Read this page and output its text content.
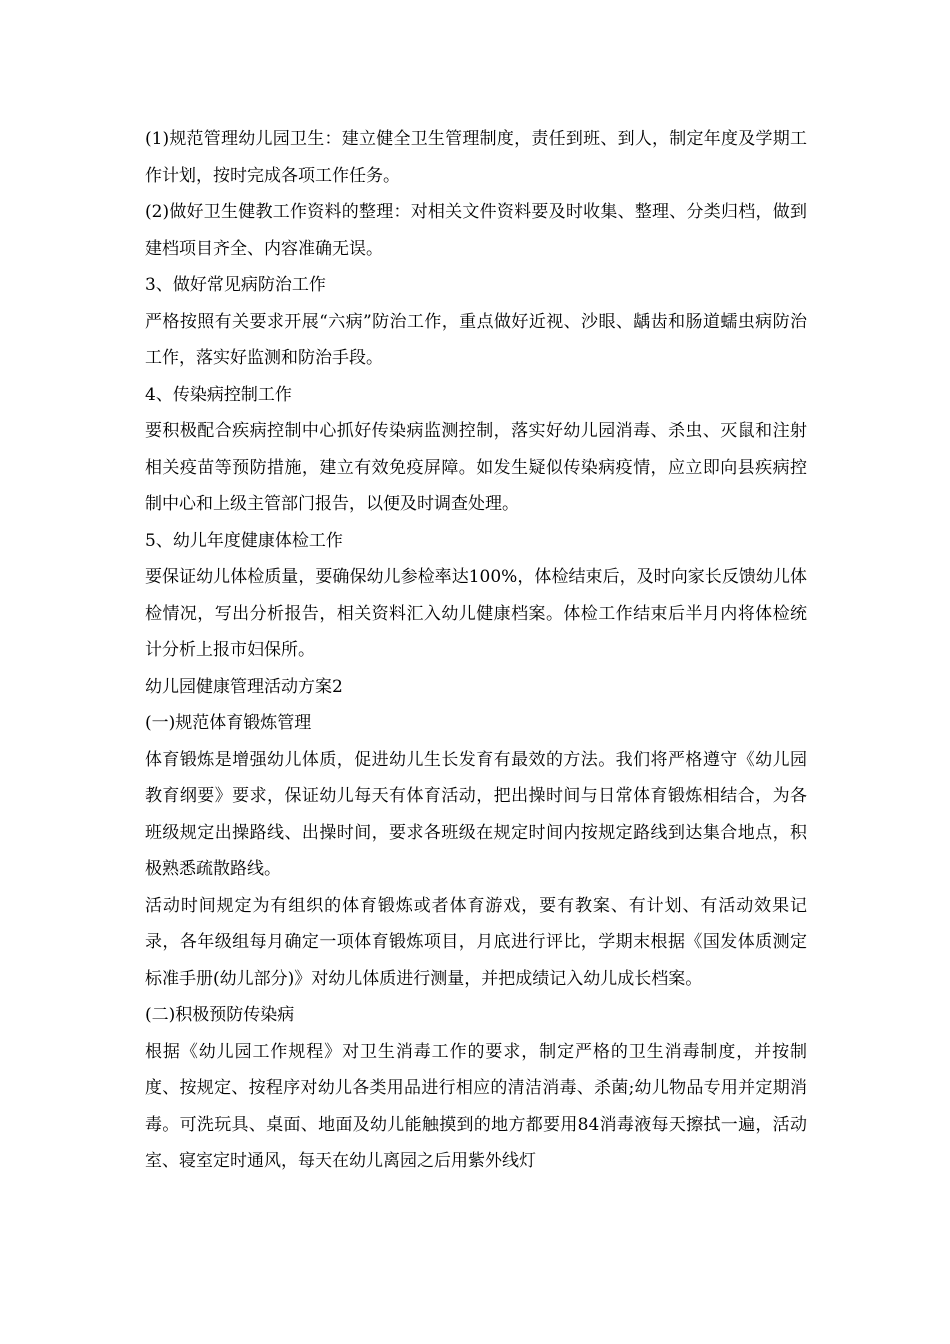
(1)规范管理幼儿园卫生：建立健全卫生管理制度，责任到班、到人，制定年度及学期工作计划，按时完成各项工作任务。

(2)做好卫生健教工作资料的整理：对相关文件资料要及时收集、整理、分类归档，做到建档项目齐全、内容准确无误。

3、做好常见病防治工作

严格按照有关要求开展“六病”防治工作，重点做好近视、沙眼、龋齿和肠道蠕虫病防治工作，落实好监测和防治手段。

4、传染病控制工作

要积极配合疾病控制中心抓好传染病监测控制，落实好幼儿园消毒、杀虫、灭鼠和注射相关疫苗等预防措施，建立有效免疫屏障。如发生疑似传染病疫情，应立即向县疾病控制中心和上级主管部门报告，以便及时调查处理。

5、幼儿年度健康体检工作

要保证幼儿体检质量，要确保幼儿参检率达100%，体检结束后，及时向家长反馈幼儿体检情况，写出分析报告，相关资料汇入幼儿健康档案。体检工作结束后半月内将体检统计分析上报市妇保所。

幼儿园健康管理活动方案2

(一)规范体育锻炼管理

体育锻炼是增强幼儿体质，促进幼儿生长发育有最效的方法。我们将严格遵守《幼儿园教育纲要》要求，保证幼儿每天有体育活动，把出操时间与日常体育锻炼相结合，为各班级规定出操路线、出操时间，要求各班级在规定时间内按规定路线到达集合地点，积极熟悉疏散路线。

活动时间规定为有组织的体育锻炼或者体育游戏，要有教案、有计划、有活动效果记录，各年级组每月确定一项体育锻炼项目，月底进行评比，学期末根据《国发体质测定标准手册(幼儿部分)》对幼儿体质进行测量，并把成绩记入幼儿成长档案。

(二)积极预防传染病

根据《幼儿园工作规程》对卫生消毒工作的要求，制定严格的卫生消毒制度，并按制度、按规定、按程序对幼儿各类用品进行相应的清洁消毒、杀菌;幼儿物品专用并定期消毒。可洗玩具、桌面、地面及幼儿能触摸到的地方都要用84消毒液每天擦拭一遍，活动室、寝室定时通风，每天在幼儿离园之后用紫外线灯
